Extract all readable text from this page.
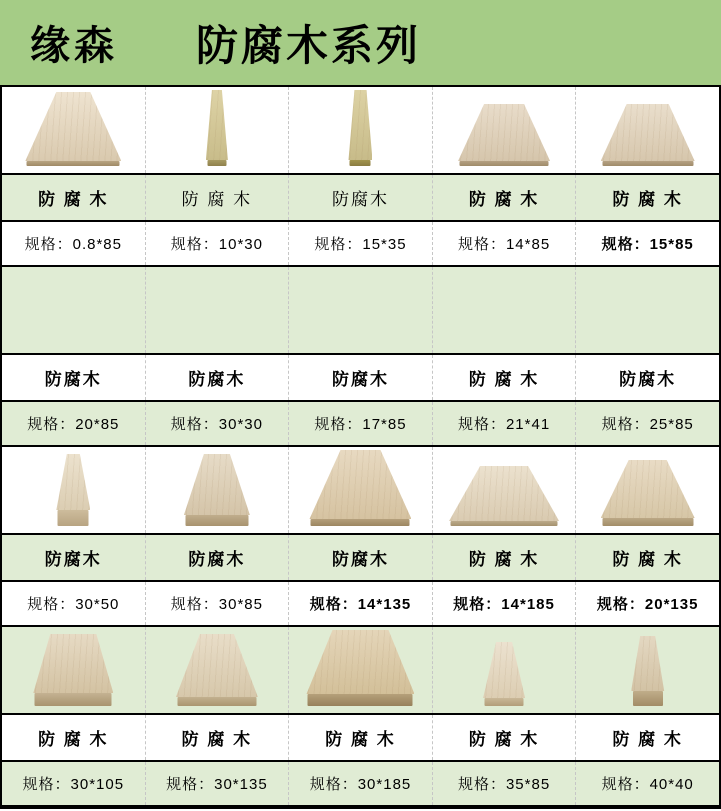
缘森 防腐木系列
防 腐 木	防 腐 木	防腐木	防 腐 木	防 腐 木
规格：0.8*85	规格：10*30	规格：15*35	规格：14*85	规格：15*85
防腐木	防腐木	防腐木	防 腐 木	防腐木
规格：20*85	规格：30*30	规格：17*85	规格：21*41	规格：25*85
防腐木	防腐木	防腐木	防 腐 木	防 腐 木
规格：30*50	规格：30*85	规格：14*135	规格：14*185	规格：20*135
防 腐 木	防 腐 木	防 腐 木	防 腐 木	防 腐 木
规格：30*105	规格：30*135	规格：30*185	规格：35*85	规格：40*40
